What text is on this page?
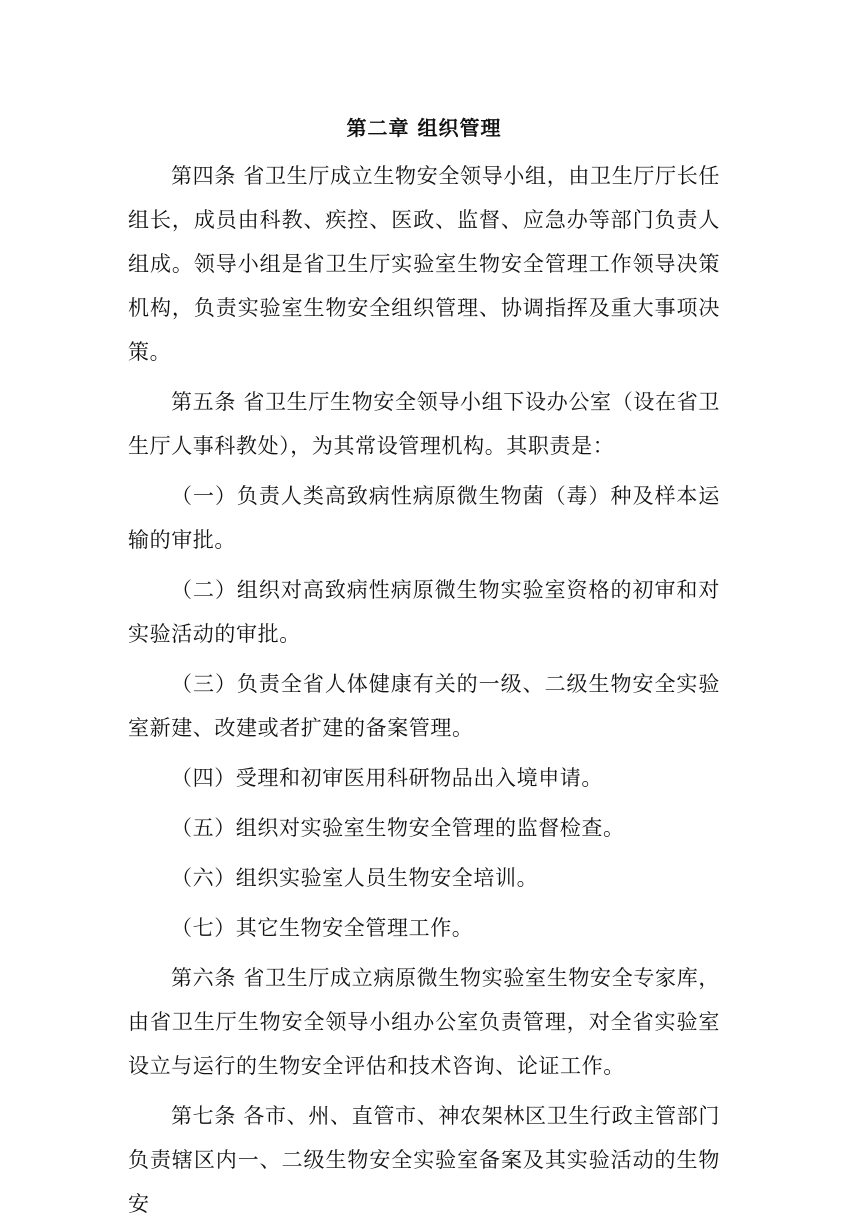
第二章 组织管理

第四条 省卫生厅成立生物安全领导小组，由卫生厅厅长任组长，成员由科教、疾控、医政、监督、应急办等部门负责人组成。领导小组是省卫生厅实验室生物安全管理工作领导决策机构，负责实验室生物安全组织管理、协调指挥及重大事项决策。

第五条 省卫生厅生物安全领导小组下设办公室（设在省卫生厅人事科教处），为其常设管理机构。其职责是：

（一）负责人类高致病性病原微生物菌（毒）种及样本运输的审批。

（二）组织对高致病性病原微生物实验室资格的初审和对实验活动的审批。

（三）负责全省人体健康有关的一级、二级生物安全实验室新建、改建或者扩建的备案管理。

（四）受理和初审医用科研物品出入境申请。

（五）组织对实验室生物安全管理的监督检查。

（六）组织实验室人员生物安全培训。

（七）其它生物安全管理工作。

第六条 省卫生厅成立病原微生物实验室生物安全专家库，由省卫生厅生物安全领导小组办公室负责管理，对全省实验室设立与运行的生物安全评估和技术咨询、论证工作。

第七条 各市、州、直管市、神农架林区卫生行政主管部门负责辖区内一、二级生物安全实验室备案及其实验活动的生物安
